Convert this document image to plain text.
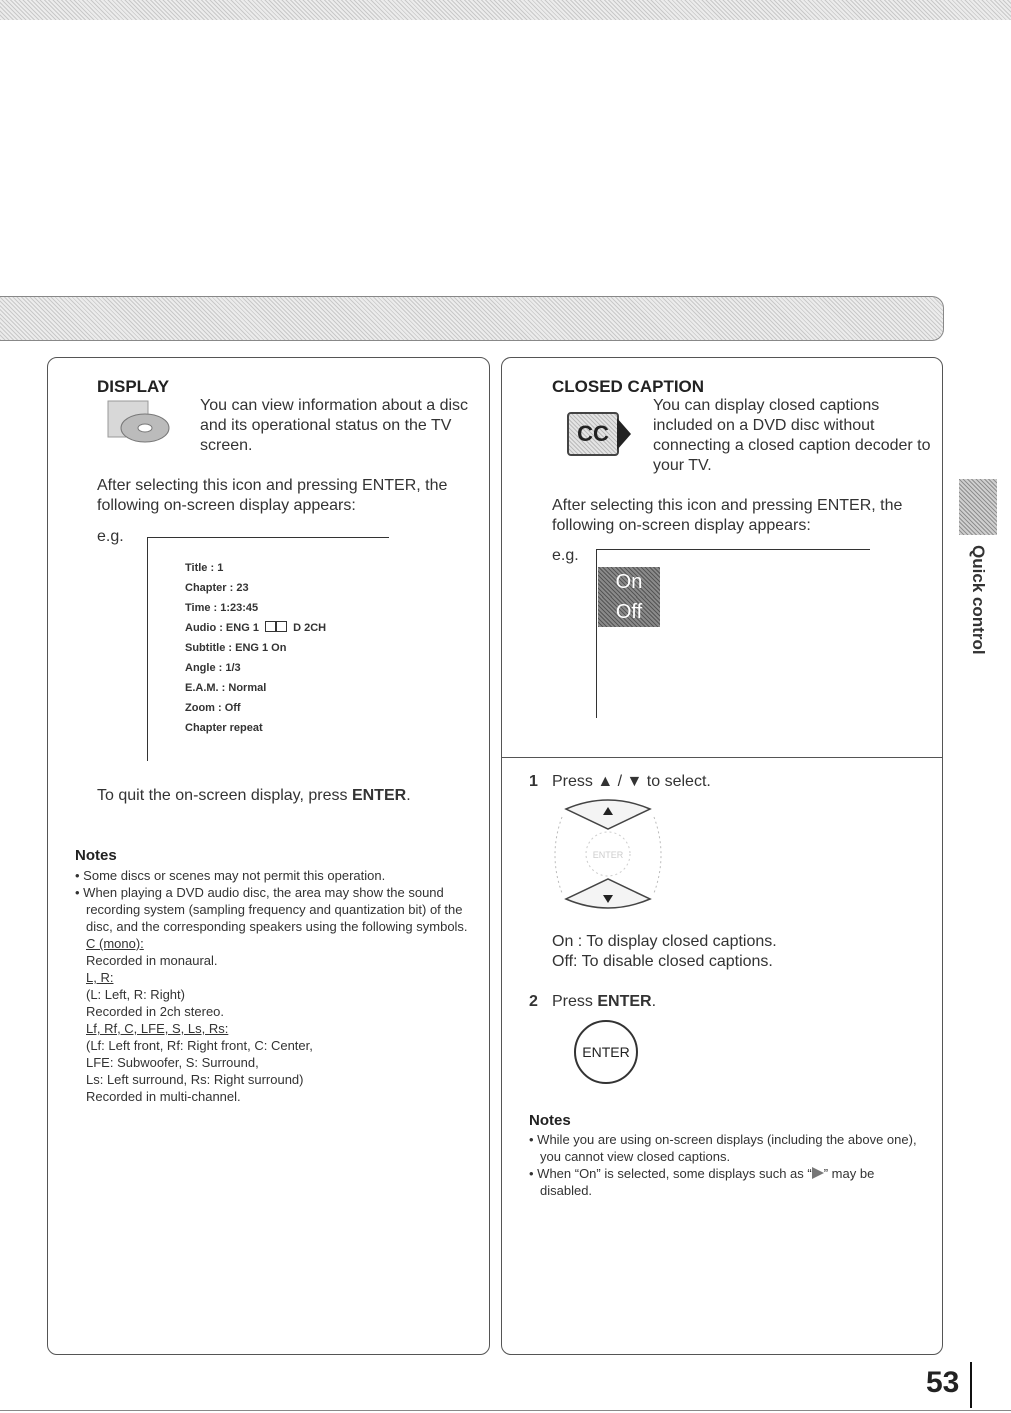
DISPLAY
You can view information about a disc and its operational status on the TV screen.
After selecting this icon and pressing ENTER, the following on-screen display appears:
e.g.
Title : 1
Chapter : 23
Time : 1:23:45
Audio : ENG 1	D 2CH
Subtitle : ENG 1 On
Angle : 1/3
E.A.M. : Normal
Zoom : Off
Chapter repeat
To quit the on-screen display, press ENTER.
Notes
• Some discs or scenes may not permit this operation.
• When playing a DVD audio disc, the area may show the sound recording system (sampling frequency and quantization bit) of the disc, and the corresponding speakers using the following symbols.
C (mono):
Recorded in monaural.
L, R:
(L: Left, R: Right)
Recorded in 2ch stereo.
Lf, Rf, C, LFE, S, Ls, Rs:
(Lf: Left front, Rf: Right front, C: Center,
LFE: Subwoofer, S: Surround,
Ls: Left surround, Rs: Right surround)
Recorded in multi-channel.
CLOSED CAPTION
CC
You can display closed captions included on a DVD disc without connecting a closed caption decoder to your TV.
After selecting this icon and pressing ENTER, the following on-screen display appears:
e.g.
On
Off
1 Press ▲ / ▼ to select.
ENTER
On : To display closed captions.
Off: To disable closed captions.
2 Press ENTER.
ENTER
Notes
• While you are using on-screen displays (including the above one), you cannot view closed captions.
• When “On” is selected, some displays such as “ ” may be disabled.
Quick control
53
